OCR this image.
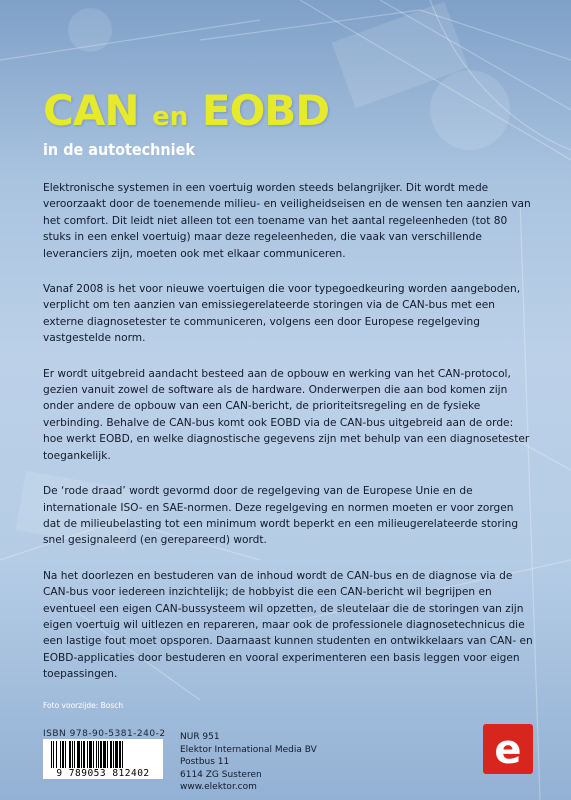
CAN en EOBD
in de autotechniek

Elektronische systemen in een voertuig worden steeds belangrijker. Dit wordt mede veroorzaakt door de toenemende milieu- en veiligheidseisen en de wensen ten aanzien van het comfort. Dit leidt niet alleen tot een toename van het aantal regeleenheden (tot 80 stuks in een enkel voertuig) maar deze regeleenheden, die vaak van verschillende leveranciers zijn, moeten ook met elkaar communiceren.

Vanaf 2008 is het voor nieuwe voertuigen die voor typegoedkeuring worden aangeboden, verplicht om ten aanzien van emissiegerelateerde storingen via de CAN-bus met een externe diagnosetester te communiceren, volgens een door Europese regelgeving vastgestelde norm.

Er wordt uitgebreid aandacht besteed aan de opbouw en werking van het CAN-protocol, gezien vanuit zowel de software als de hardware. Onderwerpen die aan bod komen zijn onder andere de opbouw van een CAN-bericht, de prioriteitsregeling en de fysieke verbinding. Behalve de CAN-bus komt ook EOBD via de CAN-bus uitgebreid aan de orde: hoe werkt EOBD, en welke diagnostische gegevens zijn met behulp van een diagnosetester toegankelijk.

De ‘rode draad’ wordt gevormd door de regelgeving van de Europese Unie en de internationale ISO- en SAE-normen. Deze regelgeving en normen moeten er voor zorgen dat de milieubelasting tot een minimum wordt beperkt en een milieugerelateerde storing snel gesignaleerd (en gerepareerd) wordt.

Na het doorlezen en bestuderen van de inhoud wordt de CAN-bus en de diagnose via de CAN-bus voor iedereen inzichtelijk; de hobbyist die een CAN-bericht wil begrijpen en eventueel een eigen CAN-bussysteem wil opzetten, de sleutelaar die de storingen van zijn eigen voertuig wil uitlezen en repareren, maar ook de professionele diagnosetechnicus die een lastige fout moet opsporen. Daarnaast kunnen studenten en ontwikkelaars van CAN- en EOBD-applicaties door bestuderen en vooral experimenteren een basis leggen voor eigen toepassingen.

Foto voorzijde: Bosch
ISBN 978-90-5381-240-2
9 789053 812402
NUR 951
Elektor International Media BV
Postbus 11
6114 ZG Susteren
www.elektor.com
e
